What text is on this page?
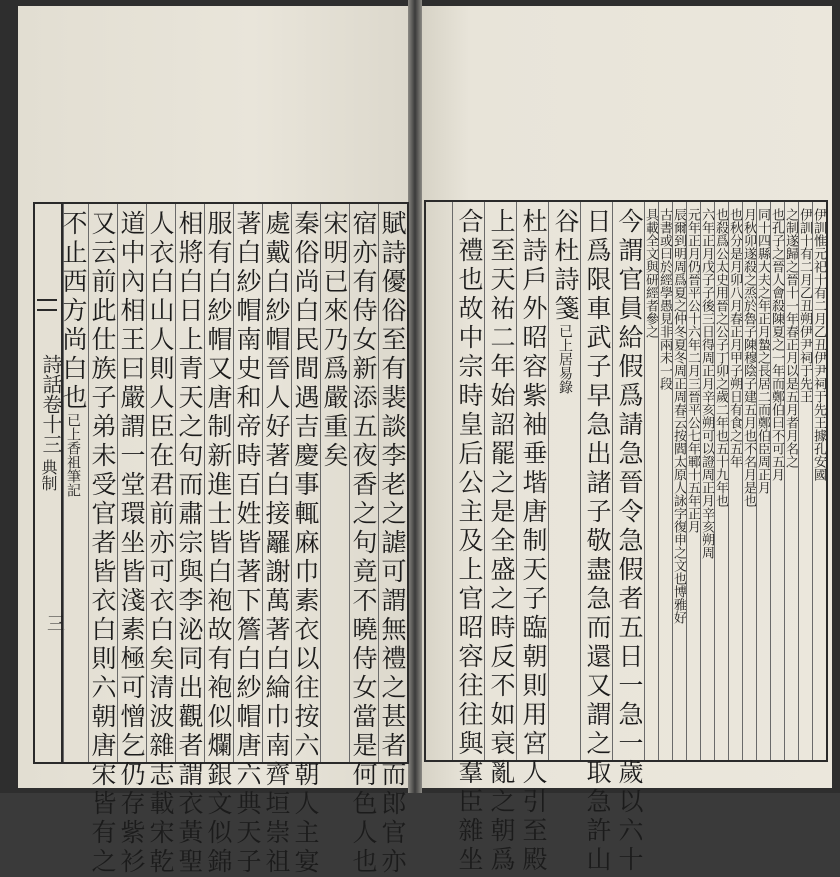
詩話卷十三
典制
三	賦詩優俗至有裴談李老之謔可謂無禮之甚者而郎官亦
宿亦有侍女新添五夜香之句竟不曉侍女當是何色人也
宋明已來乃爲嚴重矣
秦俗尚白民間遇吉慶事輒麻巾素衣以往按六朝人主宴
處戴白紗帽晉人好著白接䍦謝萬著白綸巾南齊垣崇祖
著白紗帽南史和帝時百姓皆著下簷白紗帽唐六典天子
服有白紗帽又唐制新進士皆白袍故有袍似爛銀文似錦
相將白日上青天之句而肅宗與李泌同出觀者謂衣黃聖
人衣白山人則人臣在君前亦可衣白矣清波雜志載宋乾
道中內相王曰嚴謂一堂環坐皆淺素極可憎乞仍存紫衫
又云前此仕族子弟未受官者皆衣白則六朝唐宋皆有之
不止西方尚白也已上香祖筆記	伊訓惟元祀十有二月乙丑伊尹祠于先王據孔安國
伊訓十有二月乙丑朔伊尹祠于先王
之制遂歸之晉十一年春正月以是五月者月名之
也孔子之晉人會殺陳夏之一年而鄭伯曰不可五月
同十四縣大夫之年正月蟄之長居二而鄭伯臣周正月
月秋卯遂殺之烝於魯子陳穆陰子建五月也不名月是也
也秋分是月卯八月春正月甲子朔日有食之五年
也殺爲公太史用晉之公子丁卯之歲二年也五十九年也
六年正月戊子子後三日得周正月辛亥朔可以證周正月辛亥朔周
元年正月仍晉平公十六年二月三晉平公七年鄆十五年正月
辰爾到明周爲夏之仲冬夏冬周正周春云按閻太原人詠字復申之文也博雅好
古書或曰於經學愚見非兩未一段
具載全文與研經者參之
今謂官員給假爲請急晉令急假者五日一急一歲以六十
日爲限車武子早急出諸子敬盡急而還又謂之取急許山
谷杜詩箋已上居易錄
杜詩戶外昭容紫袖垂堦唐制天子臨朝則用宮人引至殿
上至天祐二年始詔罷之是全盛之時反不如衰亂之朝爲
合禮也故中宗時皇后公主及上官昭容往往與羣臣雜坐
